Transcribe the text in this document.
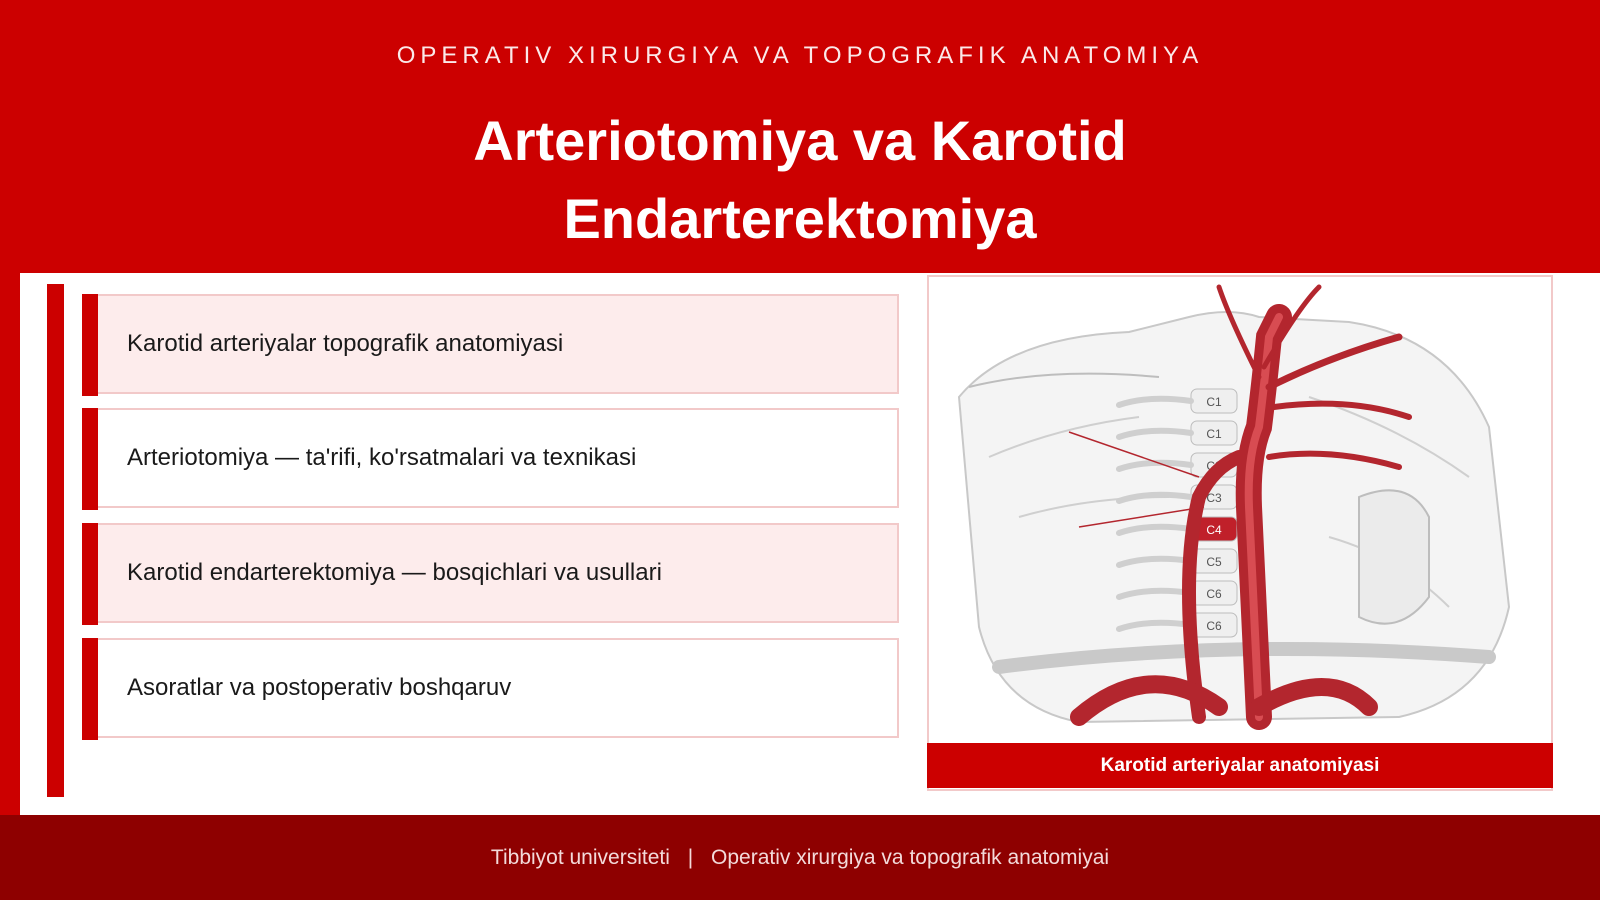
OPERATIV XIRURGIYA VA TOPOGRAFIK ANATOMIYA
Arteriotomiya va Karotid
Endarterektomiya
Karotid arteriyalar topografik anatomiyasi
Arteriotomiya — ta'rifi, ko'rsatmalari va texnikasi
Karotid endarterektomiya — bosqichlari va usullari
Asoratlar va postoperativ boshqaruv
C1
C1
C2
C3
C4
C5
C6
C6
Karotid arteriyalar anatomiyasi
Tibbiyot universiteti | Operativ xirurgiya va topografik anatomiyai
